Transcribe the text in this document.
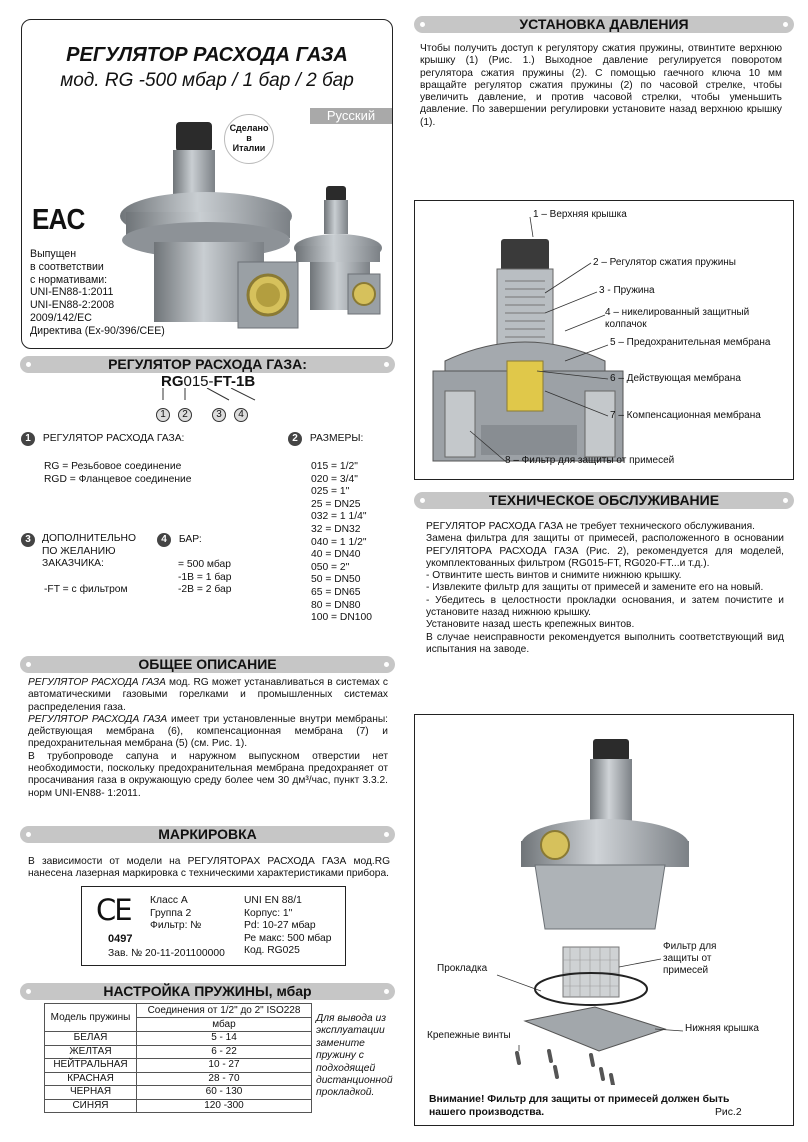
РЕГУЛЯТОР РАСХОДА ГАЗА
мод. RG -500 мбар / 1 бар / 2 бар
Русский
Сделано
в
Италии
EAC
Выпущен
в соответствии
с нормативами:
UNI-EN88-1:2011
UNI-EN88-2:2008
2009/142/EC
Директива (Ex-90/396/CEE)
РЕГУЛЯТОР РАСХОДА ГАЗА:
RG015-FT-1B
1 2	3 4
1 РЕГУЛЯТОР РАСХОДА ГАЗА:
RG = Резьбовое соединение
RGD = Фланцевое соединение
2 РАЗМЕРЫ:
015 = 1/2"
020 = 3/4"
025 = 1"
25 = DN25
032 = 1 1/4"
32 = DN32
040 = 1 1/2"
40 = DN40
050 = 2"
50 = DN50
65 = DN65
80 = DN80
100 = DN100
3	ДОПОЛНИТЕЛЬНО
ПО ЖЕЛАНИЮ
ЗАКАЗЧИКА:
-FT = с фильтром
4 БАР:
= 500 мбар
-1B = 1 бар
-2B = 2 бар
ОБЩЕЕ ОПИСАНИЕ
РЕГУЛЯТОР РАСХОДА ГАЗА мод. RG может устанавливаться в системах с автоматическими газовыми горелками и промышленных системах распределения газа.
РЕГУЛЯТОР РАСХОДА ГАЗА имеет три установленные внутри мембраны: действующая мембрана (6), компенсационная мембрана (7) и предохранительная мембрана (5) (см. Рис. 1).
В трубопроводе сапуна и наружном выпускном отверстии нет необходимости, поскольку предохранительная мембрана предохраняет от просачивания газа в окружающую среду более чем 30 дм³/час, пункт 3.3.2. норм UNI-EN88- 1:2011.
МАРКИРОВКА
В зависимости от модели на РЕГУЛЯТОРАХ РАСХОДА ГАЗА мод.RG нанесена лазерная маркировка с техническими характеристиками прибора.
CE Класс А
Группа 2
Фильтр: №
0497
Зав. № 20-11-201100000
UNI EN 88/1
Корпус: 1"
Pd: 10-27 мбар
Ре макс: 500 мбар
Код. RG025
НАСТРОЙКА ПРУЖИНЫ, мбар
Модель пружины	Соединения от 1/2" до 2" ISO228
	мбар
БЕЛАЯ	5 - 14
ЖЕЛТАЯ	6 - 22
НЕЙТРАЛЬНАЯ	10 - 27
КРАСНАЯ	28 - 70
ЧЕРНАЯ	60 - 130
СИНЯЯ	120 -300
Для вывода из эксплуатации замените пружину с подходящей дистанционной прокладкой.
УСТАНОВКА ДАВЛЕНИЯ
Чтобы получить доступ к регулятору сжатия пружины, отвинтите верхнюю крышку (1) (Рис. 1.) Выходное давление регулируется поворотом регулятора сжатия пружины (2). С помощью гаечного ключа 10 мм вращайте регулятор сжатия пружины (2) по часовой стрелке, чтобы увеличить давление, и против часовой стрелки, чтобы уменьшить давление. По завершении регулировки установите назад верхнюю крышку (1).
1 – Верхняя крышка
2 – Регулятор сжатия пружины
3 - Пружина
4 – никелированный защитный колпачок
5 – Предохранительная мембрана
6 – Действующая мембрана
7 – Компенсационная мембрана
8 – Фильтр для защиты от примесей
ТЕХНИЧЕСКОЕ ОБСЛУЖИВАНИЕ
РЕГУЛЯТОР РАСХОДА ГАЗА не требует технического обслуживания.
Замена фильтра для защиты от примесей, расположенного в основании РЕГУЛЯТОРА РАСХОДА ГАЗА (Рис. 2), рекомендуется для моделей, укомплектованных фильтром (RG015-FT, RG020-FT...и т.д.).
- Отвинтите шесть винтов и снимите нижнюю крышку.
- Извлеките фильтр для защиты от примесей и замените его на новый.
- Убедитесь в целостности прокладки основания, и затем почистите и установите назад нижнюю крышку.
Установите назад шесть крепежных винтов.
В случае неисправности рекомендуется выполнить соответствующий вид испытания на заводе.
Фильтр для защиты от примесей
Прокладка
Нижняя крышка
Крепежные винты
Внимание! Фильтр для защиты от примесей должен быть нашего производства.	Рис.2
